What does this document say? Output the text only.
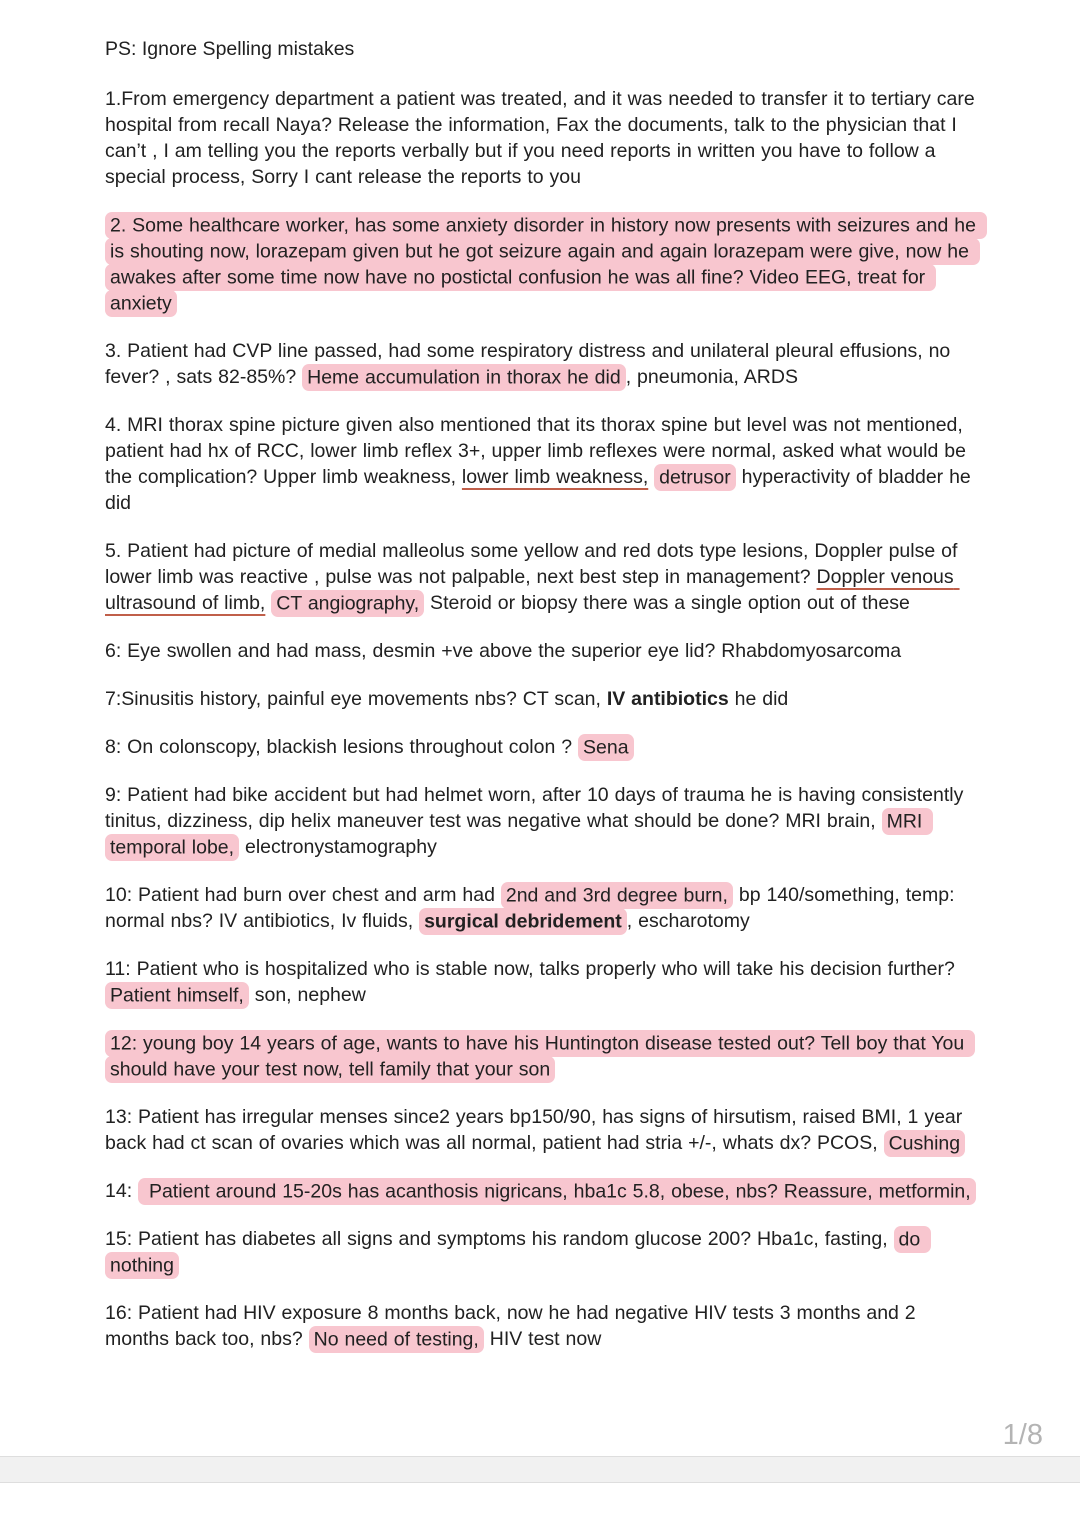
PS: Ignore Spelling mistakes

1.From emergency department a patient was treated, and it was needed to transfer it to tertiary care hospital from recall Naya? Release the information, Fax the documents, talk to the physician that I can’t , I am telling you the reports verbally but if you need reports in written you have to follow a special process, Sorry I cant release the reports to you

2. Some healthcare worker, has some anxiety disorder in history now presents with seizures and he is shouting now, lorazepam given but he got seizure again and again lorazepam were give, now he awakes after some time now have no postictal confusion he was all fine? Video EEG, treat for anxiety

3. Patient had CVP line passed, had some respiratory distress and unilateral pleural effusions, no fever? , sats 82-85%? Heme accumulation in thorax he did , pneumonia, ARDS

4. MRI thorax spine picture given also mentioned that its thorax spine but level was not mentioned, patient had hx of RCC, lower limb reflex 3+, upper limb reflexes were normal, asked what would be the complication? Upper limb weakness, lower limb weakness, detrusor hyperactivity of bladder he did

5. Patient had picture of medial malleolus some yellow and red dots type lesions, Doppler pulse of lower limb was reactive , pulse was not palpable, next best step in management? Doppler venous ultrasound of limb, CT angiography, Steroid or biopsy there was a single option out of these

6: Eye swollen and had mass, desmin +ve above the superior eye lid? Rhabdomyosarcoma

7:Sinusitis history, painful eye movements nbs? CT scan, IV antibiotics he did

8: On colonscopy, blackish lesions throughout colon ? Sena

9: Patient had bike accident but had helmet worn, after 10 days of trauma he is having consistently tinitus, dizziness, dip helix maneuver test was negative what should be done? MRI brain, MRI temporal lobe, electronystamography

10: Patient had burn over chest and arm had 2nd and 3rd degree burn, bp 140/something, temp: normal nbs? IV antibiotics, Iv fluids, surgical debridement , escharotomy

11: Patient who is hospitalized who is stable now, talks properly who will take his decision further? Patient himself, son, nephew

12: young boy 14 years of age, wants to have his Huntington disease tested out? Tell boy that You should have your test now, tell family that your son

13: Patient has irregular menses since2 years bp150/90, has signs of hirsutism, raised BMI, 1 year back had ct scan of ovaries which was all normal, patient had stria +/-, whats dx? PCOS, Cushing

14:  Patient around 15-20s has acanthosis nigricans, hba1c 5.8, obese, nbs? Reassure, metformin,

15: Patient has diabetes all signs and symptoms his random glucose 200? Hba1c, fasting, do nothing

16: Patient had HIV exposure 8 months back, now he had negative HIV tests 3 months and 2 months back too, nbs? No need of testing, HIV test now

1/8
